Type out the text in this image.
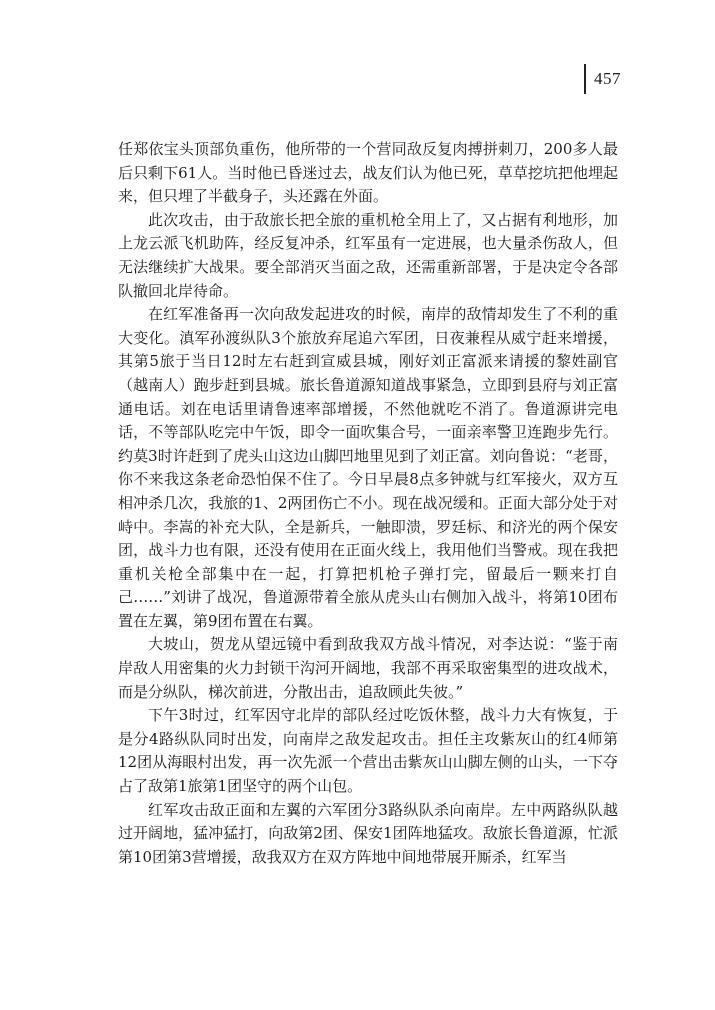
457

任郑依宝头顶部负重伤，他所带的一个营同敌反复肉搏拼刺刀，200多人最后只剩下61人。当时他已昏迷过去，战友们认为他已死，草草挖坑把他埋起来，但只埋了半截身子，头还露在外面。

此次攻击，由于敌旅长把全旅的重机枪全用上了，又占据有利地形，加上龙云派飞机助阵，经反复冲杀，红军虽有一定进展，也大量杀伤敌人，但无法继续扩大战果。要全部消灭当面之敌，还需重新部署，于是决定令各部队撤回北岸待命。

在红军准备再一次向敌发起进攻的时候，南岸的敌情却发生了不利的重大变化。滇军孙渡纵队3个旅放弃尾追六军团，日夜兼程从威宁赶来增援，其第5旅于当日12时左右赶到宣威县城，刚好刘正富派来请援的黎姓副官（越南人）跑步赶到县城。旅长鲁道源知道战事紧急，立即到县府与刘正富通电话。刘在电话里请鲁速率部增援，不然他就吃不消了。鲁道源讲完电话，不等部队吃完中午饭，即令一面吹集合号，一面亲率警卫连跑步先行。约莫3时许赶到了虎头山这边山脚凹地里见到了刘正富。刘向鲁说：“老哥，你不来我这条老命恐怕保不住了。今日早晨8点多钟就与红军接火，双方互相冲杀几次，我旅的1、2两团伤亡不小。现在战况缓和。正面大部分处于对峙中。李嵩的补充大队，全是新兵，一触即溃，罗廷标、和济光的两个保安团，战斗力也有限，还没有使用在正面火线上，我用他们当警戒。现在我把重机关枪全部集中在一起，打算把机枪子弹打完，留最后一颗来打自己……”刘讲了战况，鲁道源带着全旅从虎头山右侧加入战斗，将第10团布置在左翼，第9团布置在右翼。

大坡山，贺龙从望远镜中看到敌我双方战斗情况，对李达说：“鉴于南岸敌人用密集的火力封锁干沟河开阔地，我部不再采取密集型的进攻战术，而是分纵队，梯次前进，分散出击，追敌顾此失彼。”

下午3时过，红军因守北岸的部队经过吃饭休整，战斗力大有恢复，于是分4路纵队同时出发，向南岸之敌发起攻击。担任主攻紫灰山的红4师第12团从海眼村出发，再一次先派一个营出击紫灰山山脚左侧的山头，一下夺占了敌第1旅第1团坚守的两个山包。

红军攻击敌正面和左翼的六军团分3路纵队杀向南岸。左中两路纵队越过开阔地，猛冲猛打，向敌第2团、保安1团阵地猛攻。敌旅长鲁道源，忙派第10团第3营增援，敌我双方在双方阵地中间地带展开厮杀，红军当
